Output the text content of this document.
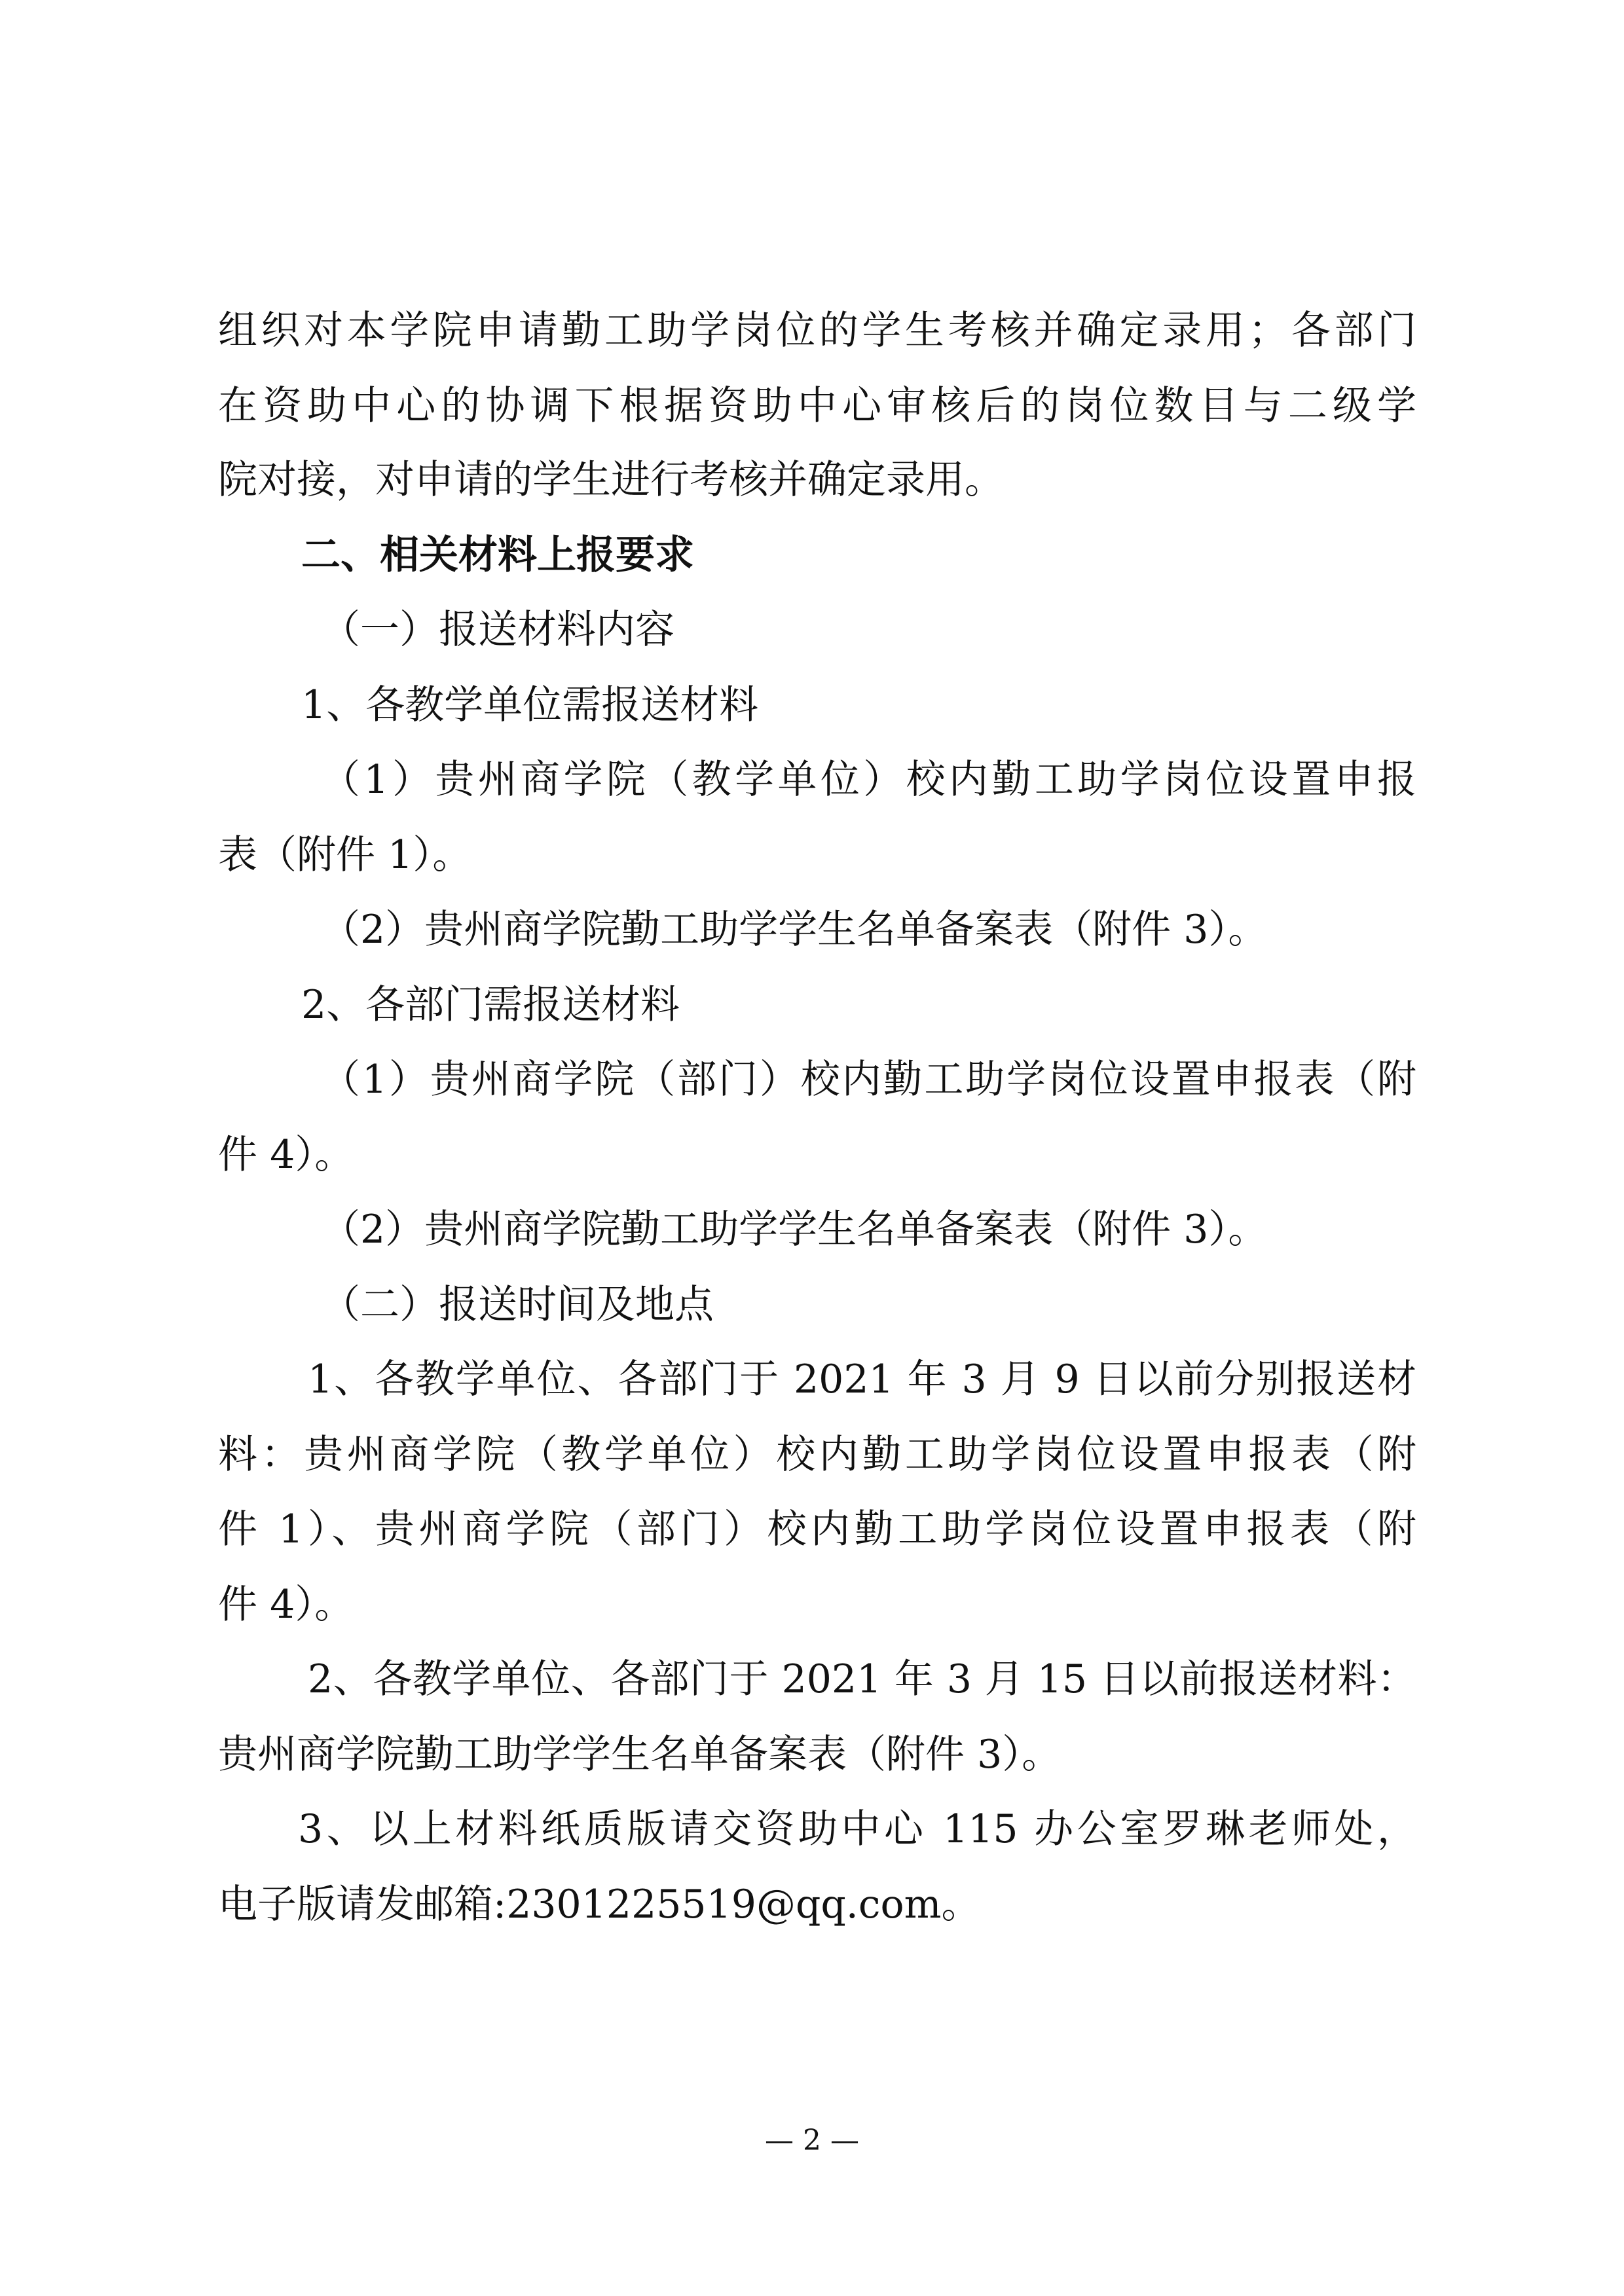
组织对本学院申请勤工助学岗位的学生考核并确定录用；各部门

在资助中心的协调下根据资助中心审核后的岗位数目与二级学

院对接，对申请的学生进行考核并确定录用。

二、相关材料上报要求

（一）报送材料内容

1、各教学单位需报送材料

（1）贵州商学院（教学单位）校内勤工助学岗位设置申报

表（附件 1）。

（2）贵州商学院勤工助学学生名单备案表（附件 3）。

2、各部门需报送材料

（1）贵州商学院（部门）校内勤工助学岗位设置申报表（附

件 4）。

（2）贵州商学院勤工助学学生名单备案表（附件 3）。

（二）报送时间及地点

1、各教学单位、各部门于 2021 年 3 月 9 日以前分别报送材

料：贵州商学院（教学单位）校内勤工助学岗位设置申报表（附

件 1）、贵州商学院（部门）校内勤工助学岗位设置申报表（附

件 4）。

2、各教学单位、各部门于 2021 年 3 月 15 日以前报送材料：

贵州商学院勤工助学学生名单备案表（附件 3）。

3、以上材料纸质版请交资助中心 115 办公室罗琳老师处，

电子版请发邮箱:2301225519@qq.com。

— 2 —
